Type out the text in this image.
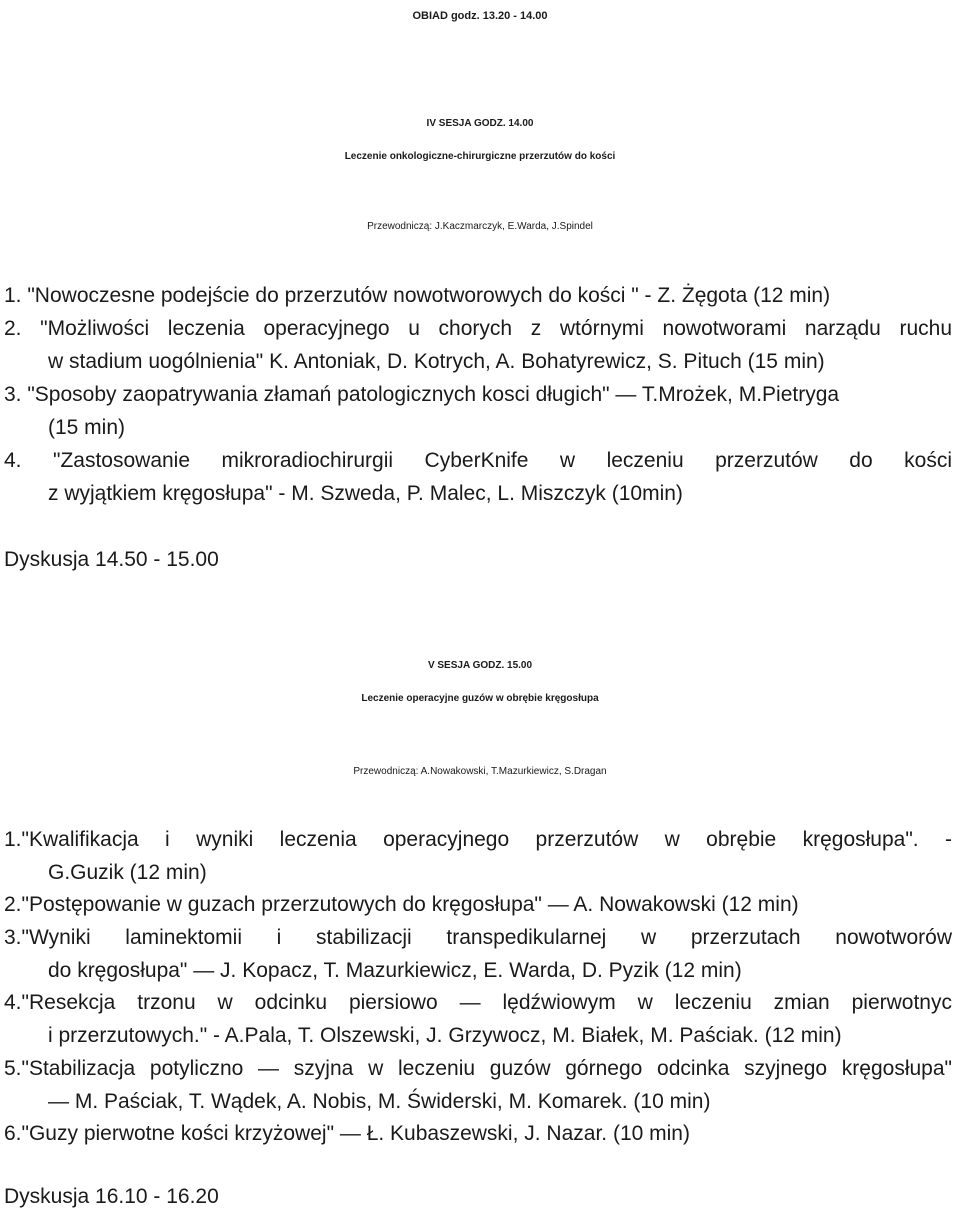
OBIAD godz. 13.20 - 14.00
IV SESJA GODZ. 14.00
Leczenie onkologiczne-chirurgiczne przerzutów do kości
Przewodniczą: J.Kaczmarczyk, E.Warda, J.Spindel
1. "Nowoczesne podejście do przerzutów nowotworowych do kości " - Z. Żęgota (12 min)
2. "Możliwości leczenia operacyjnego u chorych z wtórnymi nowotworami narządu ruchu
w stadium uogólnienia" K. Antoniak, D. Kotrych, A. Bohatyrewicz, S. Pituch (15 min)
3. "Sposoby zaopatrywania złamań patologicznych kosci długich" — T.Mrożek, M.Pietryga
(15 min)
4. "Zastosowanie mikroradiochirurgii CyberKnife w leczeniu przerzutów do kości
z wyjątkiem kręgosłupa" - M. Szweda, P. Malec, L. Miszczyk (10min)
Dyskusja 14.50 - 15.00
V SESJA GODZ. 15.00
Leczenie operacyjne guzów w obrębie kręgosłupa
Przewodniczą: A.Nowakowski, T.Mazurkiewicz, S.Dragan
1."Kwalifikacja i wyniki leczenia operacyjnego przerzutów w obrębie kręgosłupa". -
G.Guzik (12 min)
2."Postępowanie w guzach przerzutowych do kręgosłupa" — A. Nowakowski (12 min)
3."Wyniki laminektomii i stabilizacji transpedikularnej w przerzutach nowotworów
do kręgosłupa" — J. Kopacz, T. Mazurkiewicz, E. Warda, D. Pyzik (12 min)
4."Resekcja trzonu w odcinku piersiowo — lędźwiowym w leczeniu zmian pierwotnyc
i przerzutowych." - A.Pala, T. Olszewski, J. Grzywocz, M. Białek, M. Paściak. (12 min)
5."Stabilizacja potyliczno — szyjna w leczeniu guzów górnego odcinka szyjnego kręgosłupa"
— M. Paściak, T. Wądek, A. Nobis, M. Świderski, M. Komarek. (10 min)
6."Guzy pierwotne kości krzyżowej" — Ł. Kubaszewski, J. Nazar. (10 min)
Dyskusja 16.10 - 16.20
